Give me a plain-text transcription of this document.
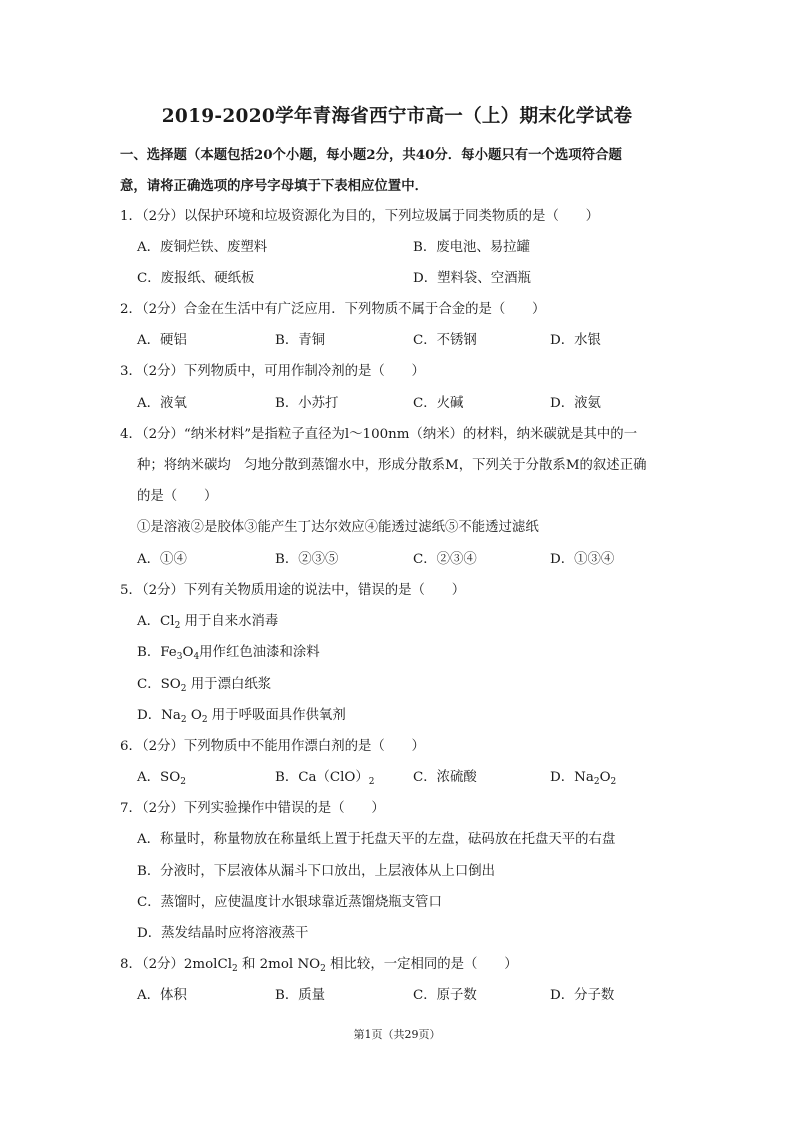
2019-2020学年青海省西宁市高一（上）期末化学试卷
一、选择题（本题包括20个小题，每小题2分，共40分．每小题只有一个选项符合题
意，请将正确选项的序号字母填于下表相应位置中．
1．（2分）以保护环境和垃圾资源化为目的，下列垃圾属于同类物质的是（　　）
A．废铜烂铁、废塑料	B．废电池、易拉罐
C．废报纸、硬纸板	D．塑料袋、空酒瓶
2．（2分）合金在生活中有广泛应用．下列物质不属于合金的是（　　）
A．硬铝	B．青铜	C．不锈钢	D．水银
3．（2分）下列物质中，可用作制冷剂的是（　　）
A．液氧	B．小苏打	C．火碱	D．液氨
4．（2分）“纳米材料”是指粒子直径为l～100nm（纳米）的材料，纳米碳就是其中的一
种；将纳米碳均　匀地分散到蒸馏水中，形成分散系M，下列关于分散系M的叙述正确
的是（　　）
①是溶液②是胶体③能产生丁达尔效应④能透过滤纸⑤不能透过滤纸
A．①④	B．②③⑤	C．②③④	D．①③④
5．（2分）下列有关物质用途的说法中，错误的是（　　）
A．$Cl_2$ 用于自来水消毒
B．$Fe_3O_4$用作红色油漆和涂料
C．$SO_2$ 用于漂白纸浆
D．$Na_2$ $O_2$ 用于呼吸面具作供氧剂
6．（2分）下列物质中不能用作漂白剂的是（　　）
A．$SO_2$	B．$Ca(ClO)_2$	C．浓硫酸	D．$Na_2O_2$
7．（2分）下列实验操作中错误的是（　　）
A．称量时，称量物放在称量纸上置于托盘天平的左盘，砝码放在托盘天平的右盘
B．分液时，下层液体从漏斗下口放出，上层液体从上口倒出
C．蒸馏时，应使温度计水银球靠近蒸馏烧瓶支管口
D．蒸发结晶时应将溶液蒸干
8．（2分）2molCl$_2$ 和 2mol $NO_2$ 相比较，一定相同的是（　　）
A．体积	B．质量	C．原子数	D．分子数
第1页（共29页）
